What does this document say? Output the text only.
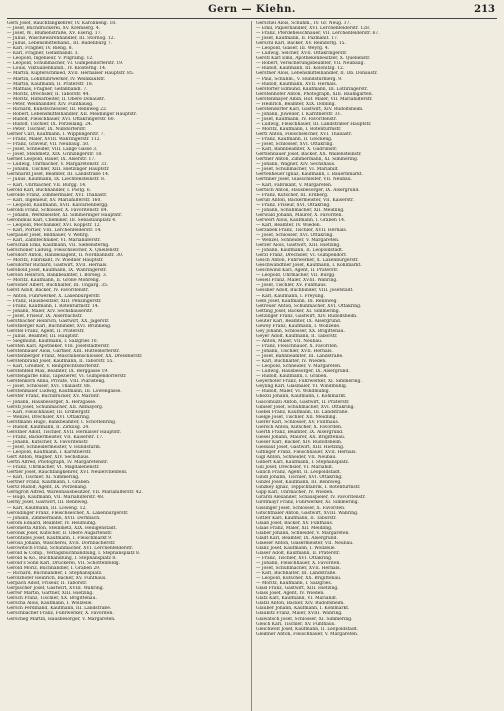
Gern — Kiehn.	213

Gern Josef, Rauchfangkehrer, IV. Karolineng. 18.

— Josef, Buchdruckerei, XV. Kremserg. 4.

— Josef, W., Blumenstraße, XV. Eserig. 17.

— Julius, Wäschewarenhändler, III. Stornog. 12.

— Julius, Lebensmittelhänd., III. Rüdenburg 7.

— Karl, Fragner, IV. Rieng. 8.

— Karl, Fragner, Gefäßhandl. 3.

— Leopold, Ingenieur, V. Pilgramg. 12.

— Leopold, Schuhmacher, VI. Gumpendorferstr. 19.

— Louis, Viktualienhandl., IV. Klosterng. 14.

— Martin, Kupferschmied, XVII. Hernalser Hauptstr. 85.

— Martin, Lohnfuhrwerker, IV. Weinkaufstr.

— Martin, Kaufmann, II. Praterstr. 18.

— Mathias, Fragner, Gefäßhandl. 7.

— Moritz, Drechsler, II. Taborstr. 44.

— Moritz, Hilfsarbeiter, II. Obere Donaustr.

— Peter, Weinhändler, XIV. Fünfhausg.

— Richard, Kunstschlosser, III. Rennweg 22.

— Robert, Lebensmittelhändler, XII. Meidlinger Hauptstr.

— Rudolf, Fleischhauer, XVI. Ottakringerstr. 60.

— Rudolf, Tischler, IX. Porzellang. 24.

— Peter, Tischler, IX. Nußdorferstr.

Gerner Carl, Kaufmann, I. Wipplingerstr. 7.

— Franz, Maler, XVIII. Währingerstr. 112.

— Franz, Graveur, VII. Neubaug. 50.

— Josef, Schneider, VIII. Lange Gasse 3.

— Josef, Steinmetz, XIX. Grinzingerstr. 18.

Gernet Leopold, Bauer, IX. Alserstr. 17.

— Ludwig, Uhrmacher, V. Margaretenstr. 31.

— Johann, Tischler, XIII. Hietzinger Hauptstr.

Gernhardt Josef, Beamter, III. Landstraße 14.

— Julius, Kaufmann, IX. Liechtensteinstr. 8.

— Karl, Uhrmacher, VII. Burgg. 14.

Gerold Karl, Buchhändler, I. Postg. 6.

Gerolde Franz, Zimmermaler, XVI. Thaliastr.

— Karl, Ingenieur, XV. Mariahilferstr. 160.

— Leopold, Kaufmann, XVII. Kalvarienbergg.

Geroldi Franz, Schlosser, X. Favoritenstr. 84.

— Johann, Werkmeister, XI. Simmeringer Hauptstr.

Geronimus Karl, Chemiker, III. Sebastianplatz 4.

— Leopold, Mechaniker, XVI. Koppstr. 12.

— Karl, Portier, VIII. Lerchenfelderstr. 14.

Gerpauer Josef, Bildhauer, V. Wehrg.

— Karl, Zahntechniker, VI. Mariahilferstr.

Gerschan Emil, Kaufmann, VII. Siebensterng.

Gerschöner Ludwig, Fleischselcher, X. Quellenstr.

Gersdorf Anton, Handelsagent, II. Nordbahnstr. 30.

— Moritz, Fabrikant, IV. Wiedner Hauptstr.

Gersdorfer Richard, Gastwirt, XVII. Hernals.

Gershold Josef, Kaufmann, IX. Währingerstr.

Gerson Heinrich, Bankbeamter, I. Börseg. 3.

— Moritz, Kaufmann, II. Große Mohreng.

Gersoner Albert, Buchhalter, III. Ungarg. 35.

Gerst Adolf, Bäcker, IV. Favoritenstr.

— Anton, Fuhrwerker, X. Laxenburgerstr.

— Franz, Hausbesitzer, XIII. Penzingerstr.

— Franz, Kaufmann, I. Rotenturmstr. 14.

— Johann, Maler, XIV. Sechshauserstr.

— Josef, Friseur, IX. Alserbachstr.

Gerstbacher Heinrich, Gastwirt, XX. Jägerstr.

Gerstberger Karl, Buchbinder, XVI. Brunneng.

Gerstel Franz, Agent, II. Praterstr.

— Julius, Beamter, III. Hauptstr.

— Siegmund, Kaufmann, I. Salzgries 10.

Gersten Karl, Apotheker, VIII. Josefstädterstr.

Gerstenbauer Alois, Gärtner, XIII. Hütteldorferstr.

Gerstenberger Franz, Maschinenschlosser, XX. Dresdnerstr.

Gerstenbrand Josef, Kaufmann, II. Taborstr. 55.

— Karl, Greißler, V. Reinprechtsdorferstr.

Gerstenfeld Max, Beamter, IX. Berggasse 19.

Gerstengarbe Emil, Tapezierer, VI. Gumpendorferstr.

Gerstenkorn Anna, Private, VIII. Piaristeng.

— Josef, Schlosser, XVI. Thaliastr. 88.

Gerstenmaier Ludwig, Kaufmann, III. Löwengasse.

Gerster Franz, Buchdrucker, XV. Märzstr.

— Johann, Hausbesorger, X. Herzgasse.

Gerstl Josef, Schuhmacher, XII. Aßmayerg.

— Karl, Fleischhauer, III. Erdbergstr.

— Wenzel, Drechsler, XVI. Ottakring.

Gerstmann Hugo, Bankbeamter, I. Schottenring.

— Rudolf, Kaufmann, II. Zirkusg. 24.

Gerstner Adolf, Tischler, XVII. Hernalser Hauptstr.

— Franz, Bäckermeister, VII. Kaiserstr. 17.

— Johann, Kutscher, X. Favoritenstr.

— Josef, Schneidermeister, V. Hundsturm.

— Leopold, Kaufmann, I. Kärntnerstr.

Gert Anton, Wagner, XIV. Sechshaus.

Gerth Alfred, Photograph, IV. Margaretenstr.

— Franz, Uhrmacher, VI. Magdalenenstr.

Gertler Josef, Rauchfangkehrer, XVI. Neulerchenfeld.

— Karl, Tischler, XI. Simmering.

Gertner Franz, Kaufmann, I. Graben.

Gertz Rudolf, Agent, IX. Porzellang.

Gerngroß Alfred, Warenhausbesitzer, VII. Mariahilferstr. 42.

— Hugo, Kaufmann, VII. Mariahilferstr. 48.

Gerny Josef, Gastwirt, III. Rennweg.

— Karl, Kaufmann, III. Löweng. 12.

Geroldinger Franz, Fleischselcher, X. Laxenburgerstr.

— Johann, Zimmermann, XVII. Dornbach.

Gerom Eduard, Beamter, IV. Heumühlg.

Gerometta Anton, Steinmetz, XIX. Heiligenstadt.

Geronik Josef, Kutscher, II. Obere Augartenstr.

Gerontides Josef, Kaufmann, I. Fleischmarkt 9.

Gerosa Johann, Wäscherei, XVII. Dornbacherstr.

Gerowitsch Franz, Schuhmacher, XVI. Lerchenfelderstr.

Gerold & Comp., Verlagsbuchhandlung, I. Stephansplatz 8.

Gerold & Ko., Buchhandlung, I. Stephansplatz 8.

Gerold's Sohn Karl, Druckerei, VII. Schottenfeldg.

Gerold Moriz, Buchhändler, I. Graben 29.

— Richard, Buchhändler, I. Stephansplatz.

Gerolzhofer Heinrich, Bäcker, XV. Fünfhaus.

Gerpach Adolf, Friseur, II. Taborstr.

Gerpischer Josef, Gastwirt, XVIII. Währing.

Gerrer Martin, Gärtner, XIII. Hietzing.

Gersch Franz, Tischler, XX. Brigittenau.

Gerscha Alois, Kaufmann, I. Wollzeile.

Gersch Ferdinand, Kaufmann, III. Landstraße.

Gerschbacher Franz, Fuhrwerker, X. Favoriten.

Gerscheg Martin, Hausbesorger, V. Margareten.

Gerschel Alois, Schuhm., IV. Gr. Neug. 17.

— Emil, Papierhändler, XVI. Lerchenfelderstr. 128.

— Franz, Pferdefleischhauer, VII. Lerchenfelderstr. 67.

— Josef, Kaufmann, II. Pazmanit. 17.

Gerschl Karl, Bäcker, XV. Reindorfg. 15.

— Leopold, Glaser, III. Weyrg. 4.

— Ludwig, Selcher, XVII. Ottakringerstr.

Gerstl Karl Emil, Apothekenbesitzer, X. Quellenstr.

— Robert, Versicherungsbeamter, VII. Neubaug.

— Rudolf, Kaufmann, III. Kolonitzg. 12.

Gerstner Alois, Lebensmittelhändler, II. Ob. Donaustr.

— Paul, Schuhm., V. Hundsturmerg. 9.

— Rudolf, Kaufmann, XVII. Hernals.

Gerstorfer Edmund, Kaufmann, III. Lothringerstr.

Gerstenhofer Anton, Photograph, XIII. Baumgarten.

Gerstenmayer Albin, Hof. Maler, VII. Mariahilferstr.

— Heinrich, Beamter, XIX. Döbling.

Gerstendörfer Karl, Gastwirt, XIV. Rudolfsheim.

— Johann, Juwelier, I. Kärntnerstr. 31.

— Josef, Kaufmann, IV. Favoritenstr.

— Ludwig, Fleischhauer, III. Landstraßer Hauptstr.

— Moritz, Kaufmann, I. Rotenturmstr.

Gertl Anton, Fleischselcher, XVI. Thaliastr.

— Franz, Kaufmann, II. Glockeng.

— Josef, Schlosser, XVI. Ottakring.

— Karl, Bahnbeamter, X. Gudrunstr.

Gertlenbauer Josef, Bäcker, XX. Wallensteinstr.

Gertner Anton, Zimmermann, XI. Simmering.

— Johann, Wagner, XIV. Sechshaus.

— Josef, Schuhmacher, VI. Mariahilf.

Gertenheuer Ignaz, Kaufmann, I. Bauernmarkt.

Gerthner Josef, Glasschleifer, VII. Neubau.

— Karl, Fabrikant, V. Margareten.

Gertsch Anton, Hausbesorger, IX. Alsergrund.

— Franz, Kutscher, III. Erdberg.

Geruß Anton, Bäckermeister, VII. Kaiserstr.

— Franz, Friseur, XVI. Ottakring.

— Johann, Schuhmacher, XII. Meidling.

Gerwald Johann, Maurer, X. Favoriten.

Gerwert Alois, Kaufmann, I. Graben 14.

— Karl, Beamter, IV. Wieden.

Gerzabek Franz, Tischler, XVII. Hernals.

— Josef, Schlosser, XVI. Ottakring.

— Wenzel, Schneider, V. Margareten.

Gerzer Alois, Gastwirt, XIII. Hietzing.

— Johann, Kaufmann, II. Leopoldstadt.

Gerzl Franz, Drechsler, VI. Gumpendorf.

Gesch Anton, Fuhrwerker, X. Laxenburgerstr.

Geschwandtner Josef, Kaufmann, I. Kohlmarkt.

Geschwind Karl, Agent, II. Praterstr.

— Leopold, Uhrmacher, VII. Burgg.

Gesell Franz, Maler, XVIII. Währing.

— Josef, Tischler, XV. Fünfhaus.

Gessner Adolf, Buchbinder, VIII. Josefstadt.

— Karl, Kaufmann, I. Freyung.

Geßl Josef, Kaufmann, III. Rennweg.

Getreuer Anton, Schuhmacher, XVI. Ottakring.

Getting Josef, Bäcker, XI. Simmering.

Getzinger Franz, Gastwirt, XIV. Rudolfsheim.

Geuter Karl, Beamter, IX. Alsergrund.

Gewey Franz, Kaufmann, I. Wollzeile.

Gey Johann, Schlosser, XX. Brigittenau.

Geyer Adolf, Kaufmann, II. Taborstr.

— Anton, Maler, VII. Neubau.

— Franz, Fleischhauer, X. Favoriten.

— Johann, Tischler, XVII. Hernals.

— Josef, Bahnbeamter, III. Landstraße.

— Karl, Buchhalter, IV. Wieden.

— Leopold, Schneider, V. Margareten.

— Ludwig, Hausbesorger, IX. Alsergrund.

— Rudolf, Kaufmann, I. Graben.

Geyerhofer Franz, Fuhrwerker, XI. Simmering.

Geyling Karl, Glasmaler, VI. Windmühlg.

— Rudolf, Maler, VI. Windmühlg.

Ghezzi Johann, Kaufmann, I. Kohlmarkt.

Giacomuzzi Anton, Gastwirt, II. Praterstr.

Gibiser Josef, Schuhmacher, XVI. Ottakring.

Giebel Franz, Kaufmann, III. Landstraße.

Gielge Josef, Tischler, XII. Meidling.

Gierer Karl, Schlosser, XV. Fünfhaus.

Giersch Anton, Kutscher, X. Favoriten.

Gierth Franz, Beamter, IX. Alsergrund.

Giesel Johann, Maurer, XX. Brigittenau.

Gieser Karl, Bäcker, XIV. Rudolfsheim.

Giessauf Josef, Gastwirt, XIII. Hietzing.

Giffinger Franz, Fleischhauer, XVII. Hernals.

Gigl Anton, Schneider, VII. Neubau.

Gilbert Karl, Kaufmann, I. Stephansplatz.

Gill Josef, Drechsler, VI. Mariahilf.

Gillich Franz, Agent, II. Leopoldstadt.

Gindl Johann, Tischler, XVI. Ottakring.

Ginzel Josef, Kaufmann, III. Rennweg.

Ginzkey Ignaz, Teppichfabrik, I. Rotenturmstr.

Gipp Karl, Uhrmacher, IV. Wieden.

Girardi Alexander, Schauspieler, IV. Favoritenstr.

Girstmayr Franz, Fuhrwerker, XI. Simmering.

Gissinger Josef, Schlosser, X. Favoriten.

Gitschthaler Anton, Gastwirt, XVIII. Währing.

Gittler Karl, Kaufmann, II. Taborstr.

Glaab Josef, Bäcker, XV. Fünfhaus.

Glaas Franz, Maler, XII. Meidling.

Glaber Johann, Schneider, V. Margareten.

Gladt Karl, Beamter, IX. Alsergrund.

Glaeser Anton, Glasermeister, VII. Neubau.

Glanz Josef, Kaufmann, I. Wollzeile.

Glaser Adolf, Kaufmann, II. Praterstr.

— Franz, Tischler, XVI. Ottakring.

— Johann, Fleischhauer, X. Favoriten.

— Josef, Schuhmacher, XVII. Hernals.

— Karl, Buchhalter, III. Landstraße.

— Leopold, Kutscher, XX. Brigittenau.

— Moritz, Kaufmann, I. Salzgries.

Glasl Franz, Gastwirt, XIII. Hietzing.

Glass Josef, Agent, IV. Wieden.

Glatz Karl, Kaufmann, VI. Mariahilf.

Glatzl Anton, Bäcker, XIV. Rudolfsheim.

Glauber Johann, Kaufmann, I. Kohlmarkt.

Glaubitz Franz, Maler, XVIII. Währing.

Glawatsch Josef, Schlosser, XI. Simmering.

Gleich Karl, Tischler, XV. Fünfhaus.

Gleichweit Josef, Kaufmann, II. Leopoldstadt.

Gleißner Anton, Fleischhauer, V. Margareten.
